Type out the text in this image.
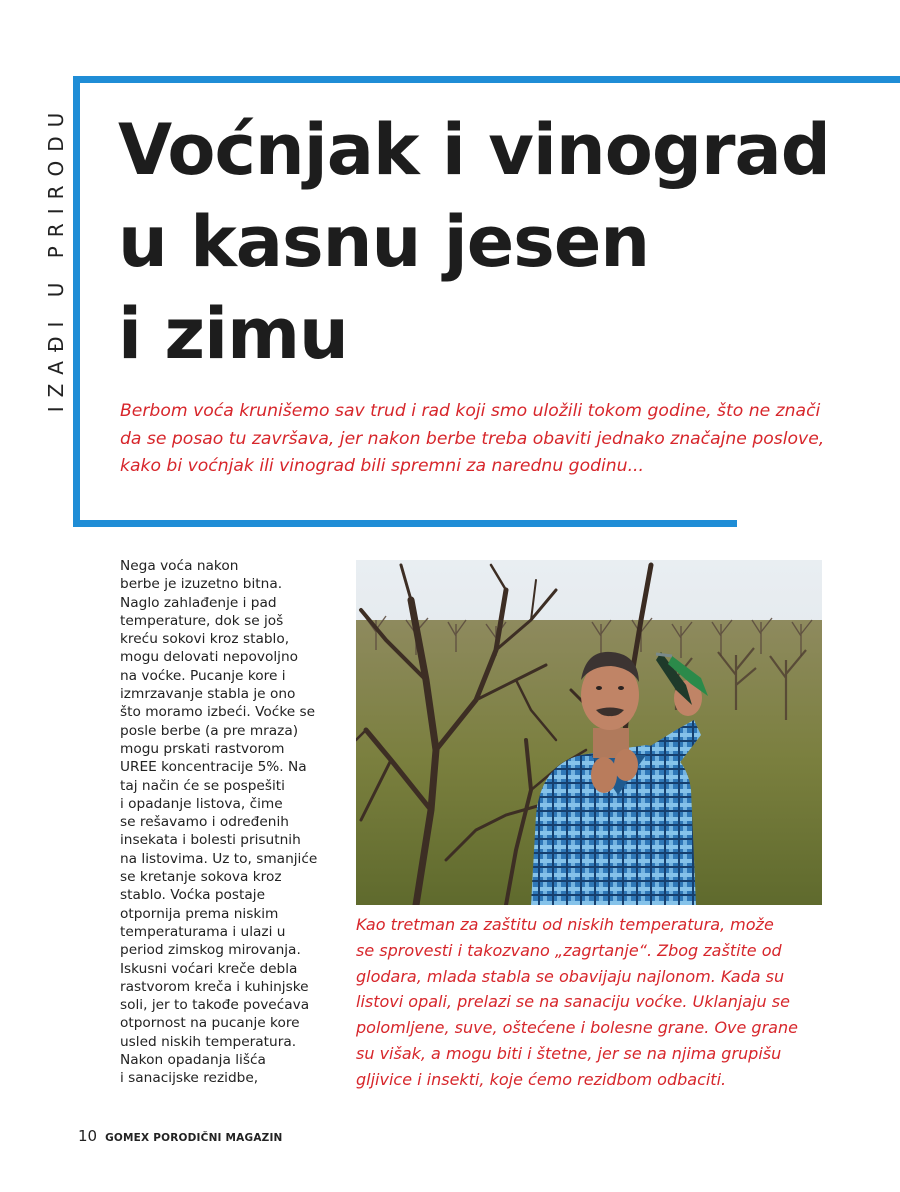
IZAĐI U PRIRODU Voćnjak i vinograd
u kasnu jesen
i zimu

Berbom voća krunišemo sav trud i rad koji smo uložili tokom godine, što ne znači
da se posao tu završava, jer nakon berbe treba obaviti jednako značajne poslove,
kako bi voćnjak ili vinograd bili spremni za narednu godinu...

Nega voća nakon
berbe je izuzetno bitna.
Naglo zahlađenje i pad
temperature, dok se još
kreću sokovi kroz stablo,
mogu delovati nepovoljno
na voćke. Pucanje kore i
izmrzavanje stabla je ono
što moramo izbeći. Voćke se
posle berbe (a pre mraza)
mogu prskati rastvorom
UREE koncentracije 5%. Na
taj način će se pospešiti
i opadanje listova, čime
se rešavamo i određenih
insekata i bolesti prisutnih
na listovima. Uz to, smanjiće
se kretanje sokova kroz
stablo. Voćka postaje
otpornija prema niskim
temperaturama i ulazi u
period zimskog mirovanja.
Iskusni voćari kreče debla
rastvorom kreča i kuhinjske
soli, jer to takođe povećava
otpornost na pucanje kore
usled niskih temperatura.
Nakon opadanja lišća
i sanacijske rezidbe,

Kao tretman za zaštitu od niskih temperatura, može
se sprovesti i takozvano „zagrtanje“. Zbog zaštite od
glodara, mlada stabla se obavijaju najlonom. Kada su
listovi opali, prelazi se na sanaciju voćke. Uklanjaju se
polomljene, suve, oštećene i bolesne grane. Ove grane
su višak, a mogu biti i štetne, jer se na njima grupišu
gljivice i insekti, koje ćemo rezidbom odbaciti.

10 GOMEX PORODIČNI MAGAZIN
